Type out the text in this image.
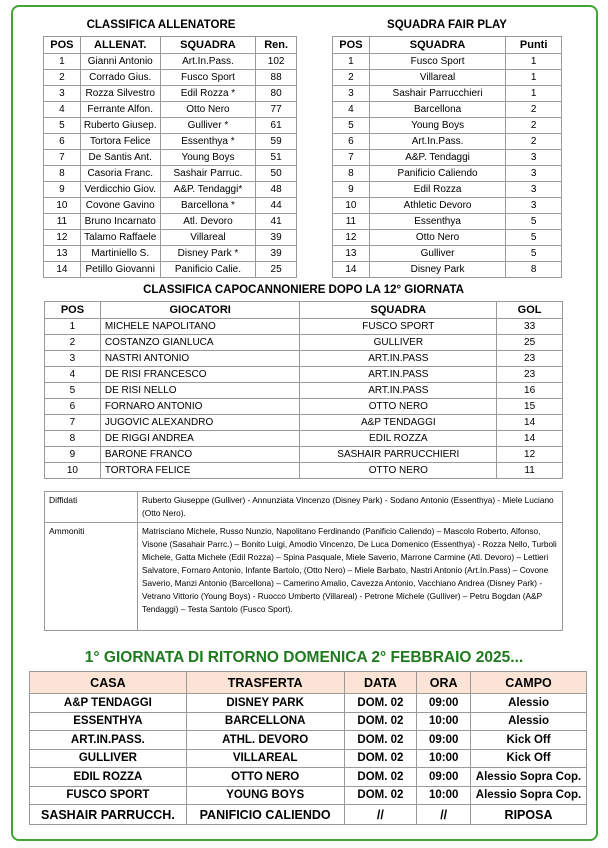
CLASSIFICA ALLENATORE
POS	ALLENAT.	SQUADRA	Ren.
1	Gianni Antonio	Art.In.Pass.	102
2	Corrado Gius.	Fusco Sport	88
3	Rozza Silvestro	Edil Rozza *	80
4	Ferrante Alfon.	Otto Nero	77
5	Ruberto Giusep.	Gulliver *	61
6	Tortora Felice	Essenthya *	59
7	De Santis Ant.	Young Boys	51
8	Casoria Franc.	Sashair Parruc.	50
9	Verdicchio Giov.	A&P. Tendaggi*	48
10	Covone Gavino	Barcellona *	44
11	Bruno Incarnato	Atl. Devoro	41
12	Talamo Raffaele	Villareal	39
13	Martiniello S.	Disney Park *	39
14	Petillo Giovanni	Panificio Calie.	25
SQUADRA FAIR PLAY
POS	SQUADRA	Punti
1	Fusco Sport	1
2	Villareal	1
3	Sashair Parrucchieri	1
4	Barcellona	2
5	Young Boys	2
6	Art.In.Pass.	2
7	A&P. Tendaggi	3
8	Panificio Caliendo	3
9	Edil Rozza	3
10	Athletic Devoro	3
11	Essenthya	5
12	Otto Nero	5
13	Gulliver	5
14	Disney Park	8
CLASSIFICA CAPOCANNONIERE DOPO LA 12° GIORNATA
POS	GIOCATORI	SQUADRA	GOL
1	MICHELE NAPOLITANO	FUSCO SPORT	33
2	COSTANZO GIANLUCA	GULLIVER	25
3	NASTRI ANTONIO	ART.IN.PASS	23
4	DE RISI FRANCESCO	ART.IN.PASS	23
5	DE RISI NELLO	ART.IN.PASS	16
6	FORNARO ANTONIO	OTTO NERO	15
7	JUGOVIC ALEXANDRO	A&P TENDAGGI	14
8	DE RIGGI ANDREA	EDIL ROZZA	14
9	BARONE FRANCO	SASHAIR PARRUCCHIERI	12
10	TORTORA FELICE	OTTO NERO	11
Diffidati	Ruberto Giuseppe (Gulliver) - Annunziata Vincenzo (Disney Park) - Sodano Antonio (Essenthya) - Miele Luciano (Otto Nero).
Ammoniti	Matrisciano Michele, Russo Nunzio, Napolitano Ferdinando (Panificio Caliendo) – Mascolo Roberto, Alfonso, Visone (Sasahair Parrc.) – Bonito Luigi, Amodio Vincenzo, De Luca Domenico (Essenthya) - Rozza Nello, Turboli Michele, Gatta Michele (Edil Rozza) – Spina Pasquale, Miele Saverio, Marrone Carmine (Atl. Devoro) – Lettieri Salvatore, Fornaro Antonio, Infante Bartolo, (Otto Nero) – Miele Barbato, Nastri Antonio (Art.In.Pass) – Covone Saverio, Manzi Antonio (Barcellona) – Camerino Amalio, Cavezza Antonio, Vacchiano Andrea (Disney Park) - Vetrano Vittorio (Young Boys) - Ruocco Umberto (Villareal) - Petrone Michele (Gulliver) – Petru Bogdan (A&P Tendaggi) – Testa Santolo (Fusco Sport).
1° GIORNATA DI RITORNO DOMENICA 2° FEBBRAIO 2025...
CASA	TRASFERTA	DATA	ORA	CAMPO
A&P TENDAGGI	DISNEY PARK	DOM. 02	09:00	Alessio
ESSENTHYA	BARCELLONA	DOM. 02	10:00	Alessio
ART.IN.PASS.	ATHL. DEVORO	DOM. 02	09:00	Kick Off
GULLIVER	VILLAREAL	DOM. 02	10:00	Kick Off
EDIL ROZZA	OTTO NERO	DOM. 02	09:00	Alessio Sopra Cop.
FUSCO SPORT	YOUNG BOYS	DOM. 02	10:00	Alessio Sopra Cop.
SASHAIR PARRUCCH.	PANIFICIO CALIENDO	//	//	RIPOSA
